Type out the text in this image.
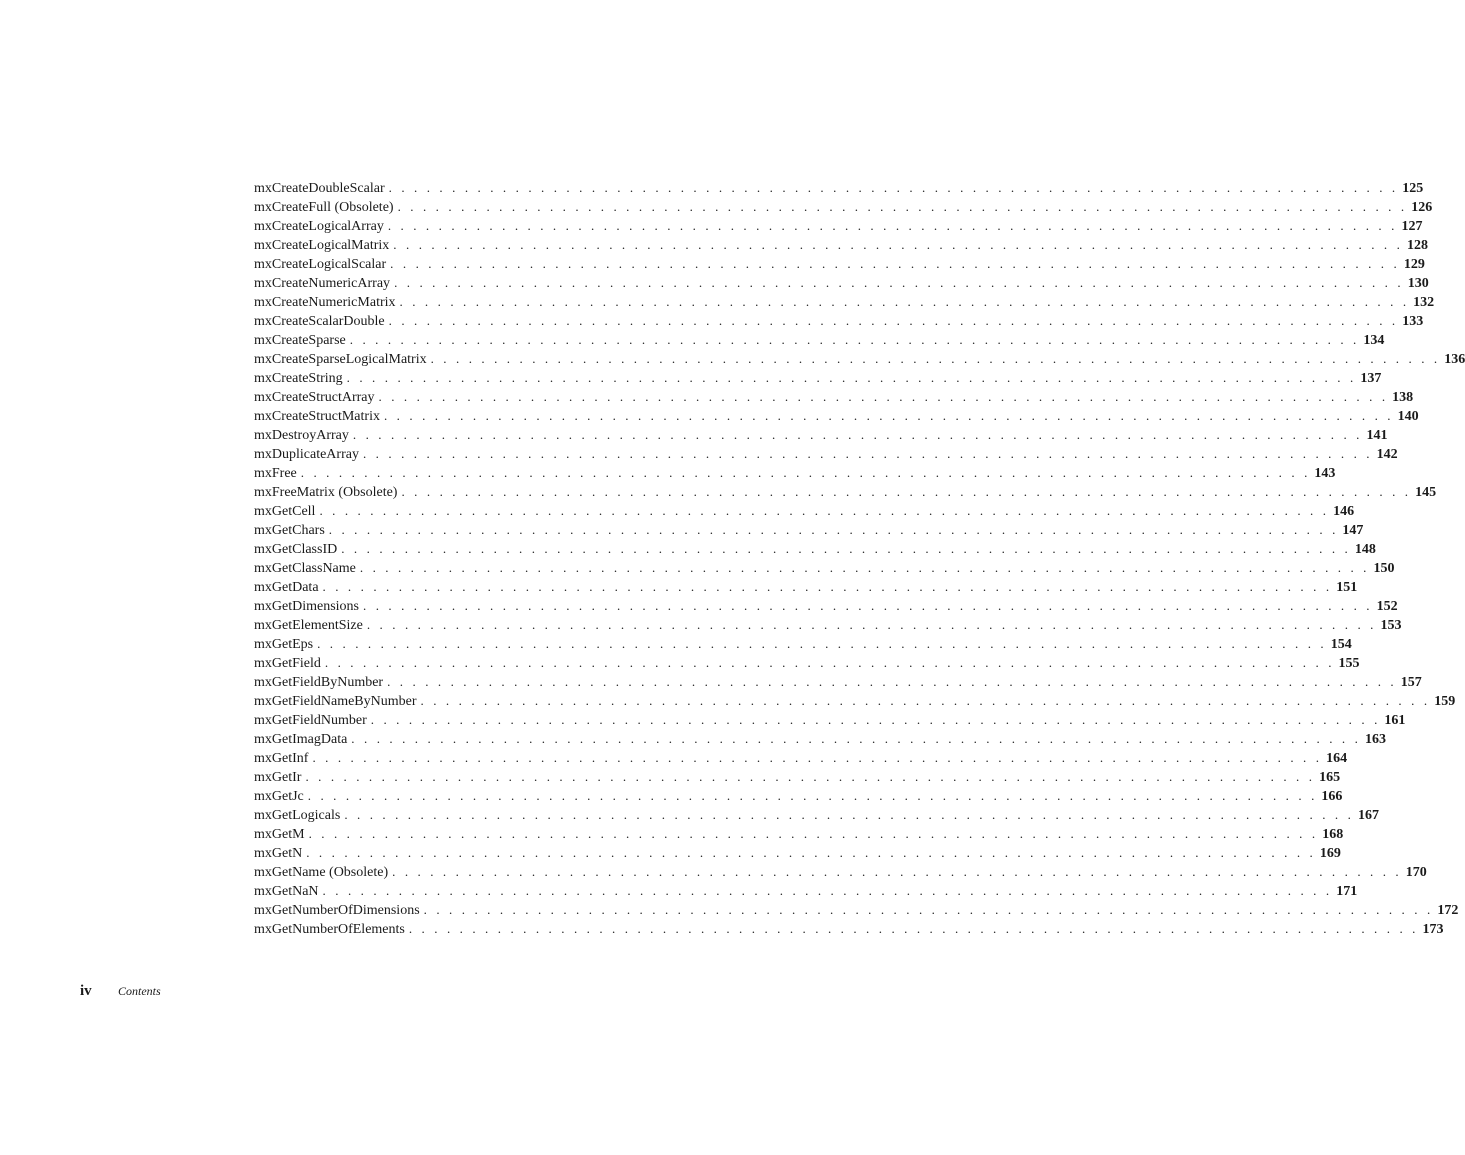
mxCreateDoubleScalar . . . . . . . . . . . . . . . . . . . . . . . . . . . . . . . . . . . . . . . . . . . . . . . . . . . . . . . . . . . . . . . . . . . . . . . . . . . . . . . . 125
mxCreateFull (Obsolete) . . . . . . . . . . . . . . . . . . . . . . . . . . . . . . . . . . . . . . . . . . . . . . . . . . . . . . . . . . . . . . . . . . . . . . . . . . . . . . . . 126
mxCreateLogicalArray . . . . . . . . . . . . . . . . . . . . . . . . . . . . . . . . . . . . . . . . . . . . . . . . . . . . . . . . . . . . . . . . . . . . . . . . . . . . . . . . 127
mxCreateLogicalMatrix . . . . . . . . . . . . . . . . . . . . . . . . . . . . . . . . . . . . . . . . . . . . . . . . . . . . . . . . . . . . . . . . . . . . . . . . . . . . . . . . 128
mxCreateLogicalScalar . . . . . . . . . . . . . . . . . . . . . . . . . . . . . . . . . . . . . . . . . . . . . . . . . . . . . . . . . . . . . . . . . . . . . . . . . . . . . . . . 129
mxCreateNumericArray . . . . . . . . . . . . . . . . . . . . . . . . . . . . . . . . . . . . . . . . . . . . . . . . . . . . . . . . . . . . . . . . . . . . . . . . . . . . . . . . 130
mxCreateNumericMatrix . . . . . . . . . . . . . . . . . . . . . . . . . . . . . . . . . . . . . . . . . . . . . . . . . . . . . . . . . . . . . . . . . . . . . . . . . . . . . . . . 132
mxCreateScalarDouble . . . . . . . . . . . . . . . . . . . . . . . . . . . . . . . . . . . . . . . . . . . . . . . . . . . . . . . . . . . . . . . . . . . . . . . . . . . . . . . . 133
mxCreateSparse . . . . . . . . . . . . . . . . . . . . . . . . . . . . . . . . . . . . . . . . . . . . . . . . . . . . . . . . . . . . . . . . . . . . . . . . . . . . . . . . 134
mxCreateSparseLogicalMatrix . . . . . . . . . . . . . . . . . . . . . . . . . . . . . . . . . . . . . . . . . . . . . . . . . . . . . . . . . . . . . . . . . . . . . . . . . . . . . . . . 136
mxCreateString . . . . . . . . . . . . . . . . . . . . . . . . . . . . . . . . . . . . . . . . . . . . . . . . . . . . . . . . . . . . . . . . . . . . . . . . . . . . . . . . 137
mxCreateStructArray . . . . . . . . . . . . . . . . . . . . . . . . . . . . . . . . . . . . . . . . . . . . . . . . . . . . . . . . . . . . . . . . . . . . . . . . . . . . . . . . 138
mxCreateStructMatrix . . . . . . . . . . . . . . . . . . . . . . . . . . . . . . . . . . . . . . . . . . . . . . . . . . . . . . . . . . . . . . . . . . . . . . . . . . . . . . . . 140
mxDestroyArray . . . . . . . . . . . . . . . . . . . . . . . . . . . . . . . . . . . . . . . . . . . . . . . . . . . . . . . . . . . . . . . . . . . . . . . . . . . . . . . . 141
mxDuplicateArray . . . . . . . . . . . . . . . . . . . . . . . . . . . . . . . . . . . . . . . . . . . . . . . . . . . . . . . . . . . . . . . . . . . . . . . . . . . . . . . . 142
mxFree . . . . . . . . . . . . . . . . . . . . . . . . . . . . . . . . . . . . . . . . . . . . . . . . . . . . . . . . . . . . . . . . . . . . . . . . . . . . . . . . 143
mxFreeMatrix (Obsolete) . . . . . . . . . . . . . . . . . . . . . . . . . . . . . . . . . . . . . . . . . . . . . . . . . . . . . . . . . . . . . . . . . . . . . . . . . . . . . . . . 145
mxGetCell . . . . . . . . . . . . . . . . . . . . . . . . . . . . . . . . . . . . . . . . . . . . . . . . . . . . . . . . . . . . . . . . . . . . . . . . . . . . . . . . 146
mxGetChars . . . . . . . . . . . . . . . . . . . . . . . . . . . . . . . . . . . . . . . . . . . . . . . . . . . . . . . . . . . . . . . . . . . . . . . . . . . . . . . . 147
mxGetClassID . . . . . . . . . . . . . . . . . . . . . . . . . . . . . . . . . . . . . . . . . . . . . . . . . . . . . . . . . . . . . . . . . . . . . . . . . . . . . . . . 148
mxGetClassName . . . . . . . . . . . . . . . . . . . . . . . . . . . . . . . . . . . . . . . . . . . . . . . . . . . . . . . . . . . . . . . . . . . . . . . . . . . . . . . . 150
mxGetData . . . . . . . . . . . . . . . . . . . . . . . . . . . . . . . . . . . . . . . . . . . . . . . . . . . . . . . . . . . . . . . . . . . . . . . . . . . . . . . . 151
mxGetDimensions . . . . . . . . . . . . . . . . . . . . . . . . . . . . . . . . . . . . . . . . . . . . . . . . . . . . . . . . . . . . . . . . . . . . . . . . . . . . . . . . 152
mxGetElementSize . . . . . . . . . . . . . . . . . . . . . . . . . . . . . . . . . . . . . . . . . . . . . . . . . . . . . . . . . . . . . . . . . . . . . . . . . . . . . . . . 153
mxGetEps . . . . . . . . . . . . . . . . . . . . . . . . . . . . . . . . . . . . . . . . . . . . . . . . . . . . . . . . . . . . . . . . . . . . . . . . . . . . . . . . 154
mxGetField . . . . . . . . . . . . . . . . . . . . . . . . . . . . . . . . . . . . . . . . . . . . . . . . . . . . . . . . . . . . . . . . . . . . . . . . . . . . . . . . 155
mxGetFieldByNumber . . . . . . . . . . . . . . . . . . . . . . . . . . . . . . . . . . . . . . . . . . . . . . . . . . . . . . . . . . . . . . . . . . . . . . . . . . . . . . . . 157
mxGetFieldNameByNumber . . . . . . . . . . . . . . . . . . . . . . . . . . . . . . . . . . . . . . . . . . . . . . . . . . . . . . . . . . . . . . . . . . . . . . . . . . . . . . . . 159
mxGetFieldNumber . . . . . . . . . . . . . . . . . . . . . . . . . . . . . . . . . . . . . . . . . . . . . . . . . . . . . . . . . . . . . . . . . . . . . . . . . . . . . . . . 161
mxGetImagData . . . . . . . . . . . . . . . . . . . . . . . . . . . . . . . . . . . . . . . . . . . . . . . . . . . . . . . . . . . . . . . . . . . . . . . . . . . . . . . . 163
mxGetInf . . . . . . . . . . . . . . . . . . . . . . . . . . . . . . . . . . . . . . . . . . . . . . . . . . . . . . . . . . . . . . . . . . . . . . . . . . . . . . . . 164
mxGetIr . . . . . . . . . . . . . . . . . . . . . . . . . . . . . . . . . . . . . . . . . . . . . . . . . . . . . . . . . . . . . . . . . . . . . . . . . . . . . . . . 165
mxGetJc . . . . . . . . . . . . . . . . . . . . . . . . . . . . . . . . . . . . . . . . . . . . . . . . . . . . . . . . . . . . . . . . . . . . . . . . . . . . . . . . 166
mxGetLogicals . . . . . . . . . . . . . . . . . . . . . . . . . . . . . . . . . . . . . . . . . . . . . . . . . . . . . . . . . . . . . . . . . . . . . . . . . . . . . . . . 167
mxGetM . . . . . . . . . . . . . . . . . . . . . . . . . . . . . . . . . . . . . . . . . . . . . . . . . . . . . . . . . . . . . . . . . . . . . . . . . . . . . . . . 168
mxGetN . . . . . . . . . . . . . . . . . . . . . . . . . . . . . . . . . . . . . . . . . . . . . . . . . . . . . . . . . . . . . . . . . . . . . . . . . . . . . . . . 169
mxGetName (Obsolete) . . . . . . . . . . . . . . . . . . . . . . . . . . . . . . . . . . . . . . . . . . . . . . . . . . . . . . . . . . . . . . . . . . . . . . . . . . . . . . . . 170
mxGetNaN . . . . . . . . . . . . . . . . . . . . . . . . . . . . . . . . . . . . . . . . . . . . . . . . . . . . . . . . . . . . . . . . . . . . . . . . . . . . . . . . 171
mxGetNumberOfDimensions . . . . . . . . . . . . . . . . . . . . . . . . . . . . . . . . . . . . . . . . . . . . . . . . . . . . . . . . . . . . . . . . . . . . . . . . . . . . . . . . 172
mxGetNumberOfElements . . . . . . . . . . . . . . . . . . . . . . . . . . . . . . . . . . . . . . . . . . . . . . . . . . . . . . . . . . . . . . . . . . . . . . . . . . . . . . . . 173
iv	Contents
